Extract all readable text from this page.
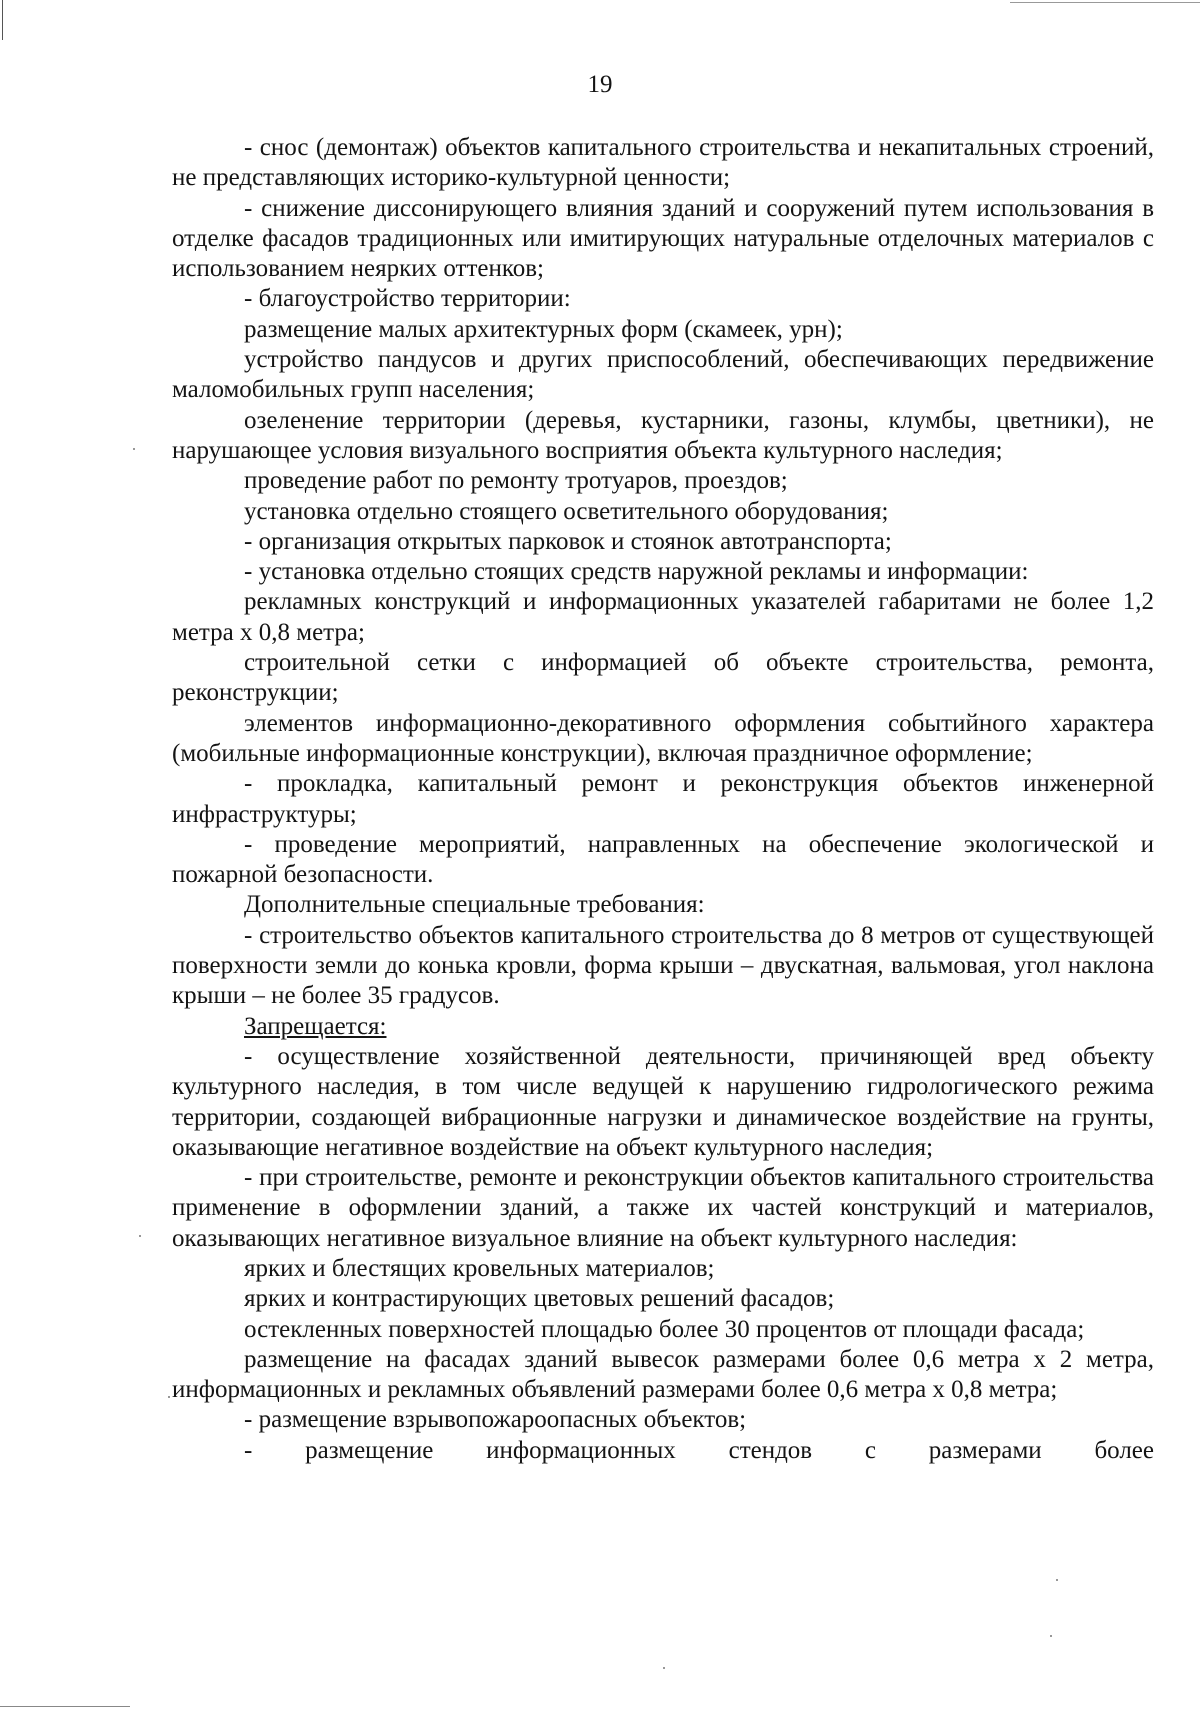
19

- снос (демонтаж) объектов капитального строительства и некапитальных строений, не представляющих историко-культурной ценности;

- снижение диссонирующего влияния зданий и сооружений путем использования в отделке фасадов традиционных или имитирующих натуральные отделочных материалов с использованием неярких оттенков;

- благоустройство территории:

размещение малых архитектурных форм (скамеек, урн);

устройство пандусов и других приспособлений, обеспечивающих передвижение маломобильных групп населения;

озеленение территории (деревья, кустарники, газоны, клумбы, цветники), не нарушающее условия визуального восприятия объекта культурного наследия;

проведение работ по ремонту тротуаров, проездов;

установка отдельно стоящего осветительного оборудования;

- организация открытых парковок и стоянок автотранспорта;

- установка отдельно стоящих средств наружной рекламы и информации:

рекламных конструкций и информационных указателей габаритами не более 1,2 метра х 0,8 метра;

строительной сетки с информацией об объекте строительства, ремонта, реконструкции;

элементов информационно-декоративного оформления событийного характера (мобильные информационные конструкции), включая праздничное оформление;

- прокладка, капитальный ремонт и реконструкция объектов инженерной инфраструктуры;

- проведение мероприятий, направленных на обеспечение экологической и пожарной безопасности.

Дополнительные специальные требования:

- строительство объектов капитального строительства до 8 метров от существующей поверхности земли до конька кровли, форма крыши – двускатная, вальмовая, угол наклона крыши – не более 35 градусов.

Запрещается:

- осуществление хозяйственной деятельности, причиняющей вред объекту культурного наследия, в том числе ведущей к нарушению гидрологического режима территории, создающей вибрационные нагрузки и динамическое воздействие на грунты, оказывающие негативное воздействие на объект культурного наследия;

- при строительстве, ремонте и реконструкции объектов капитального строительства применение в оформлении зданий, а также их частей конструкций и материалов, оказывающих негативное визуальное влияние на объект культурного наследия:

ярких и блестящих кровельных материалов;

ярких и контрастирующих цветовых решений фасадов;

остекленных поверхностей площадью более 30 процентов от площади фасада;

размещение на фасадах зданий вывесок размерами более 0,6 метра х 2 метра, информационных и рекламных объявлений размерами более 0,6 метра х 0,8 метра;

- размещение взрывопожароопасных объектов;

- размещение информационных стендов с размерами более
